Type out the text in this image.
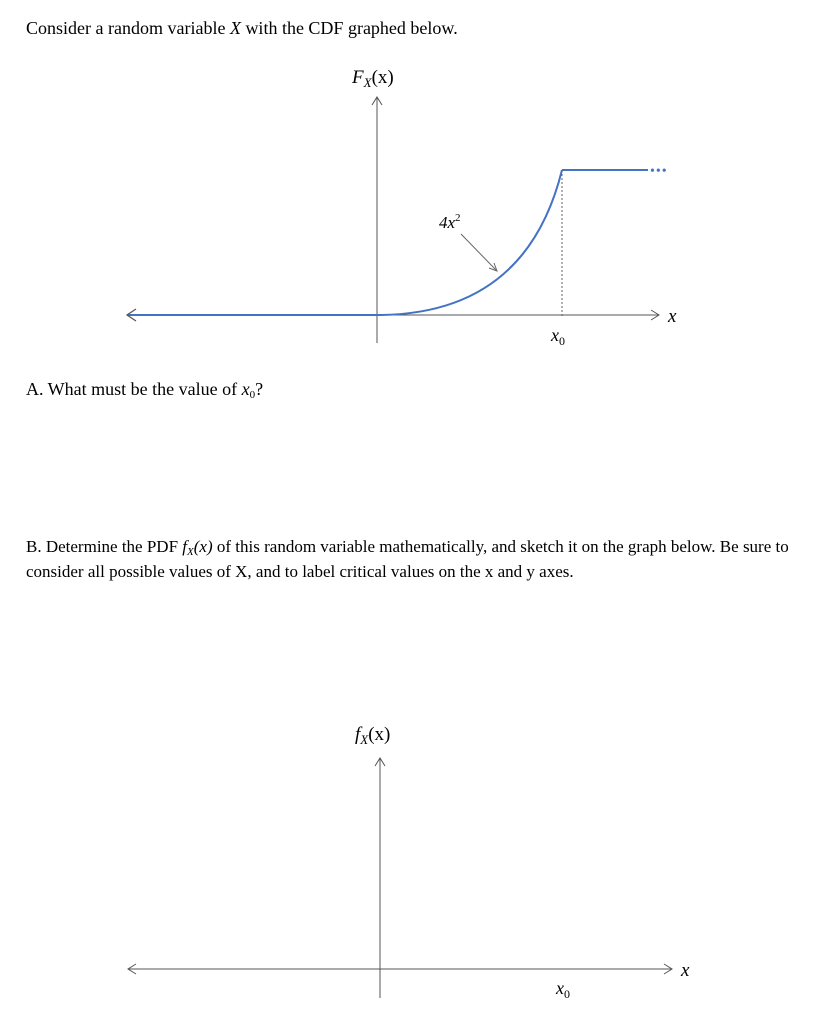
Consider a random variable X with the CDF graphed below.
$F_X(x)$
x
•••
$4x^2$
$x_0$
A. What must be the value of $x_0$?
B. Determine the PDF $f_X(x)$ of this random variable mathematically, and sketch it on the graph below. Be sure to consider all possible values of X, and to label critical values on the x and y axes.
$f_X(x)$
x
$x_0$
